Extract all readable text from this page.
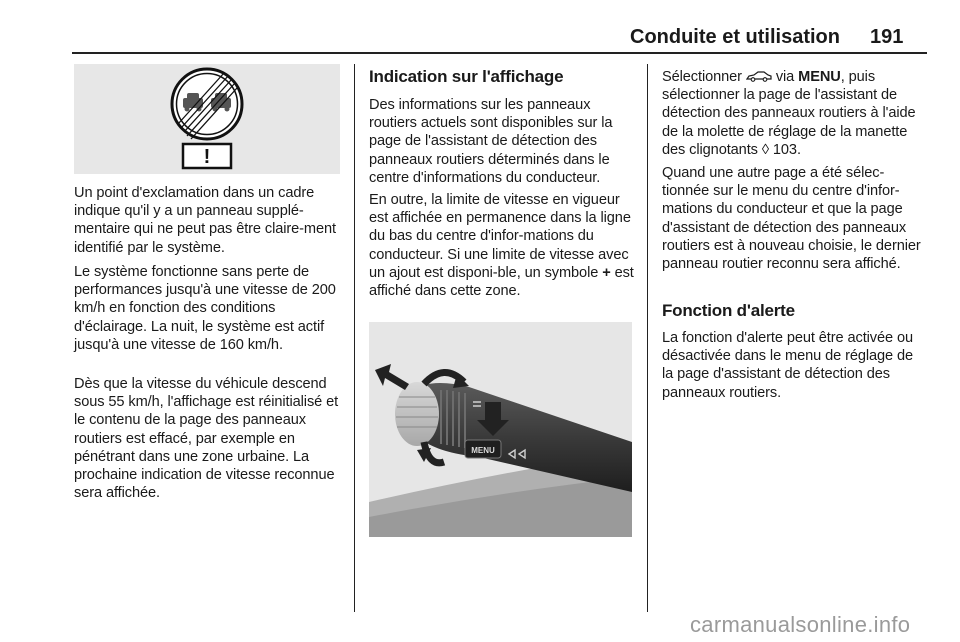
Conduite et utilisation 191
!
Un point d'exclamation dans un cadre indique qu'il y a un panneau supplé-mentaire qui ne peut pas être claire-ment identifié par le système.
Le système fonctionne sans perte de performances jusqu'à une vitesse de 200 km/h en fonction des conditions d'éclairage. La nuit, le système est actif jusqu'à une vitesse de 160 km/h.
Dès que la vitesse du véhicule descend sous 55 km/h, l'affichage est réinitialisé et le contenu de la page des panneaux routiers est effacé, par exemple en pénétrant dans une zone urbaine. La prochaine indication de vitesse reconnue sera affichée.
Indication sur l'affichage
Des informations sur les panneaux routiers actuels sont disponibles sur la page de l'assistant de détection des panneaux routiers déterminés dans le centre d'informations du conducteur.
En outre, la limite de vitesse en vigueur est affichée en permanence dans la ligne du bas du centre d'infor-mations du conducteur. Si une limite de vitesse avec un ajout est disponi-ble, un symbole + est affiché dans cette zone.
MENU
Sélectionner  via MENU, puis sélectionner la page de l'assistant de détection des panneaux routiers à l'aide de la molette de réglage de la manette des clignotants ◊ 103.
Quand une autre page a été sélec-tionnée sur le menu du centre d'infor-mations du conducteur et que la page d'assistant de détection des panneaux routiers est à nouveau choisie, le dernier panneau routier reconnu sera affiché.
Fonction d'alerte
La fonction d'alerte peut être activée ou désactivée dans le menu de réglage de la page d'assistant de détection des panneaux routiers.
carmanualsonline.info
